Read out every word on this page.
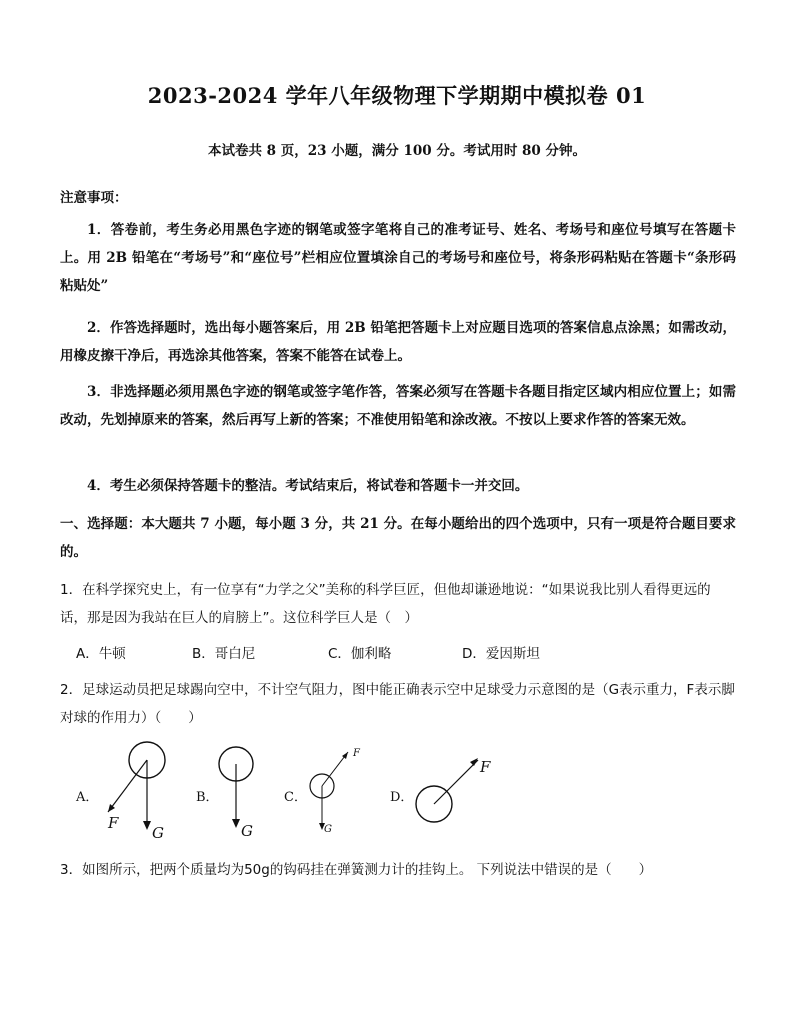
2023-2024 学年八年级物理下学期期中模拟卷 01
本试卷共 8 页，23 小题，满分 100 分。考试用时 80 分钟。
注意事项：
1．答卷前，考生务必用黑色字迹的钢笔或签字笔将自己的准考证号、姓名、考场号和座位号填写在答题卡上。用 2B 铅笔在“考场号”和“座位号”栏相应位置填涂自己的考场号和座位号，将条形码粘贴在答题卡“条形码粘贴处”
2．作答选择题时，选出每小题答案后，用 2B 铅笔把答题卡上对应题目选项的答案信息点涂黑；如需改动，用橡皮擦干净后，再选涂其他答案，答案不能答在试卷上。
3．非选择题必须用黑色字迹的钢笔或签字笔作答，答案必须写在答题卡各题目指定区域内相应位置上；如需改动，先划掉原来的答案，然后再写上新的答案；不准使用铅笔和涂改液。不按以上要求作答的答案无效。
4．考生必须保持答题卡的整洁。考试结束后，将试卷和答题卡一并交回。
一、选择题：本大题共 7 小题，每小题 3 分，共 21 分。在每小题给出的四个选项中，只有一项是符合题目要求的。
1．在科学探究史上，有一位享有“力学之父”美称的科学巨匠，但他却谦逊地说：“如果说我比别人看得更远的话，那是因为我站在巨人的肩膀上”。这位科学巨人是（　）
A．牛顿	B．哥白尼	C．伽利略	D．爱因斯坦
2．足球运动员把足球踢向空中，不计空气阻力，图中能正确表示空中足球受力示意图的是（G表示重力，F表示脚对球的作用力）（　　）
A．
F
G
B．
G
C．
F
G
D．
F
3．如图所示，把两个质量均为50g的钩码挂在弹簧测力计的挂钩上。 下列说法中错误的是（　　）
